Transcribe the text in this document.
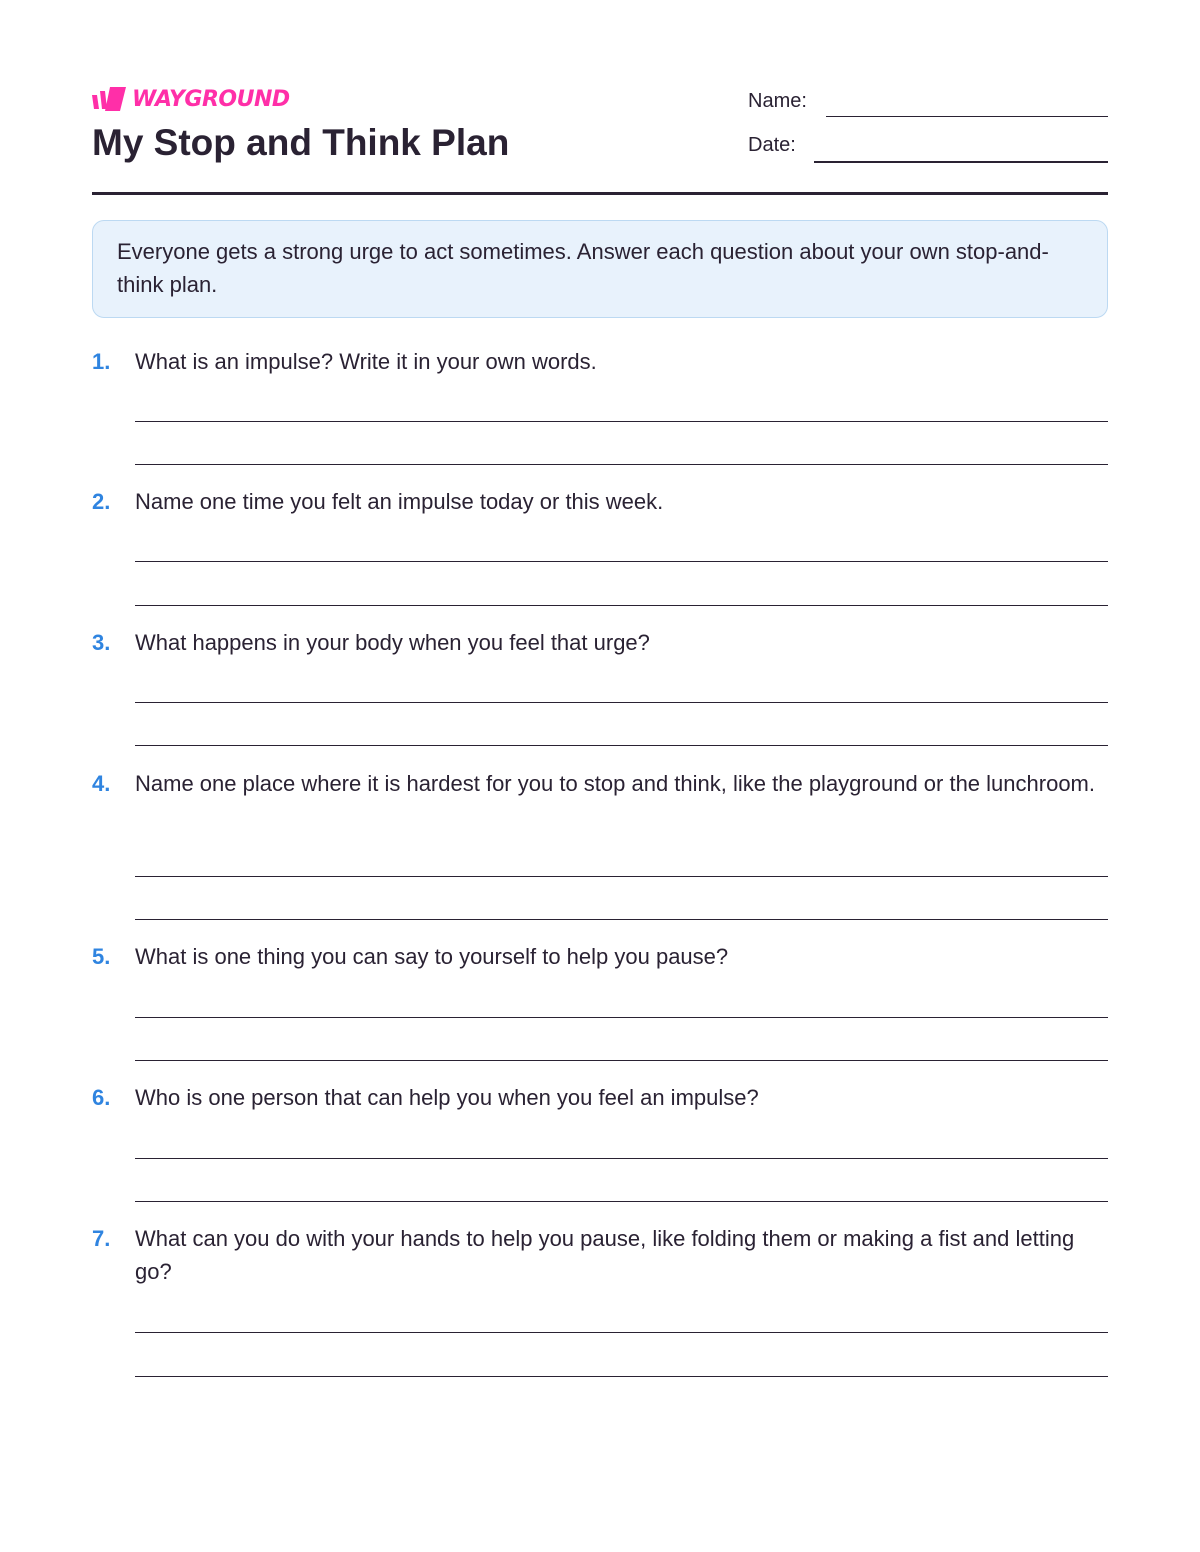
WAYGROUND
My Stop and Think Plan
Name:
Date:
Everyone gets a strong urge to act sometimes. Answer each question about your own stop-and-think plan.
1. What is an impulse? Write it in your own words.
2. Name one time you felt an impulse today or this week.
3. What happens in your body when you feel that urge?
4. Name one place where it is hardest for you to stop and think, like the playground or the lunchroom.
5. What is one thing you can say to yourself to help you pause?
6. Who is one person that can help you when you feel an impulse?
7. What can you do with your hands to help you pause, like folding them or making a fist and letting go?
